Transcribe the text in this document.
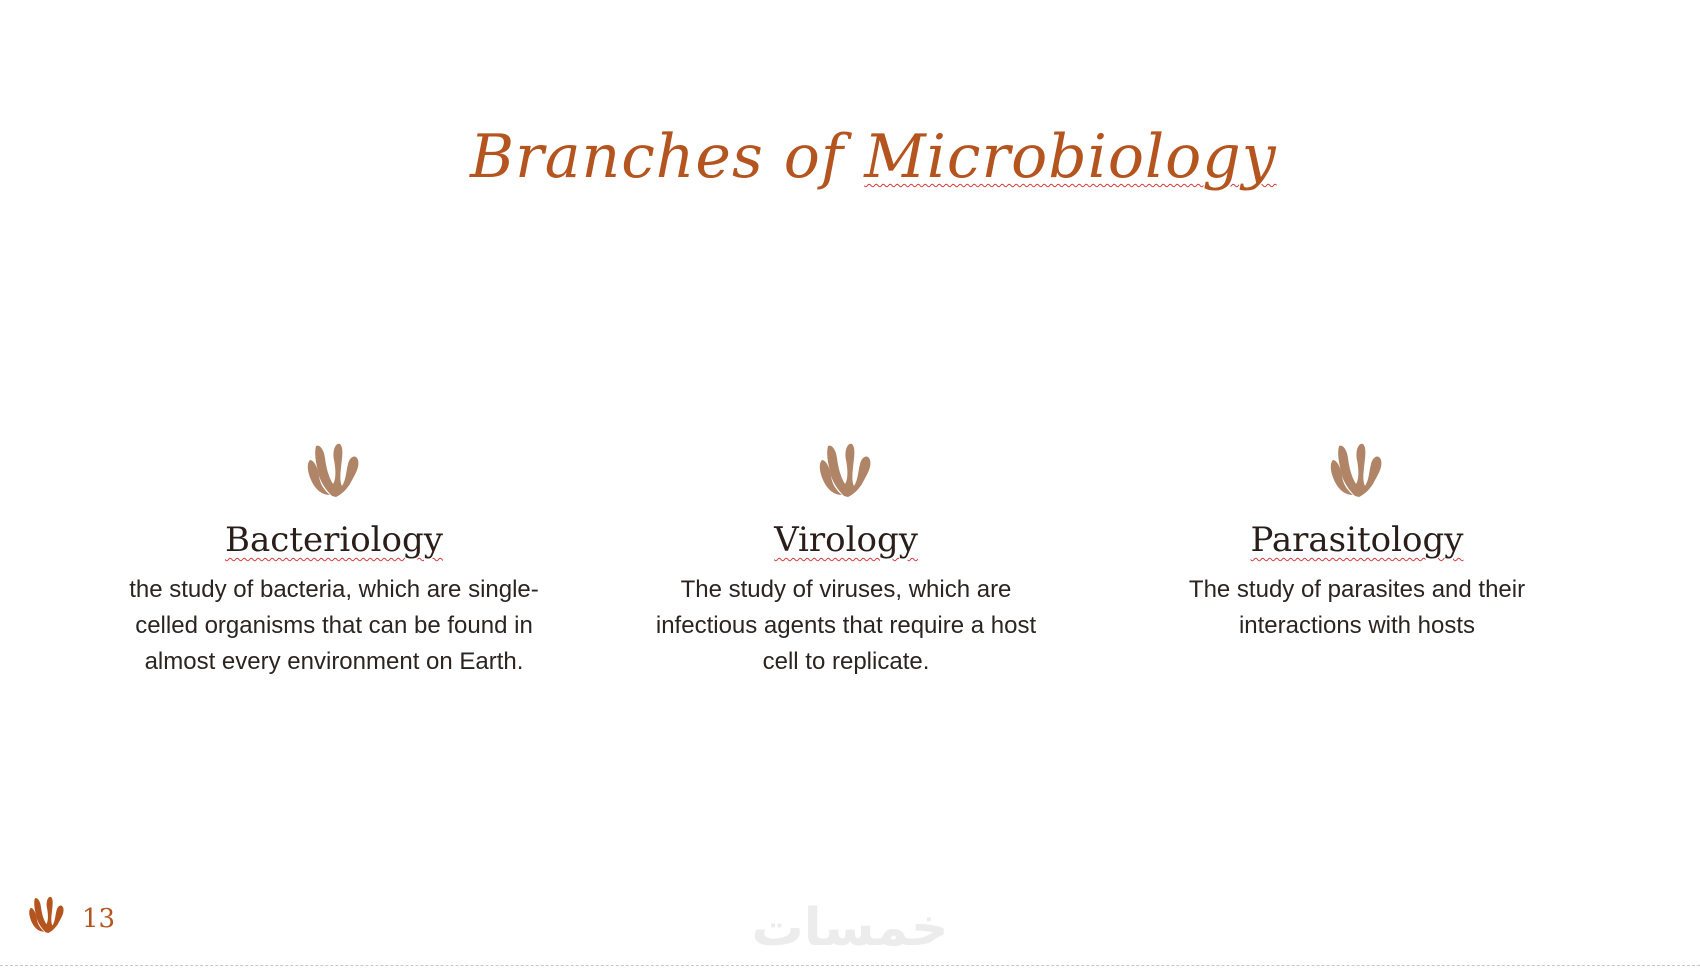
Branches of Microbiology
Bacteriology
the study of bacteria, which are single-celled organisms that can be found in almost every environment on Earth.
Virology
The study of viruses, which are infectious agents that require a host cell to replicate.
Parasitology
The study of parasites and their interactions with hosts
13	خمسات
